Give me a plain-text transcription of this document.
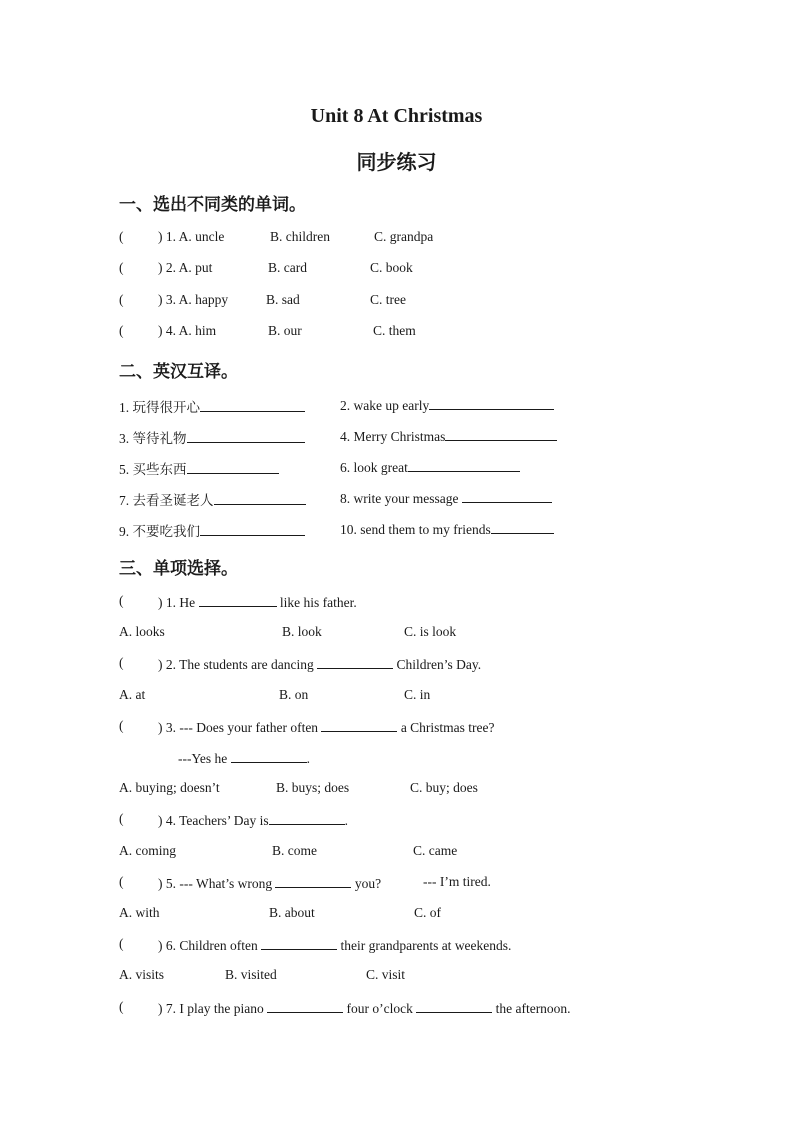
Unit 8 At Christmas
同步练习
一、选出不同类的单词。
(	) 1. A. uncle	B. children	C. grandpa
(	) 2. A. put	B. card	C. book
(	) 3. A. happy	B. sad	C. tree
(	) 4. A. him	B. our	C. them
二、英汉互译。
1. 玩得很开心	2. wake up early
3. 等待礼物	4. Merry Christmas
5. 买些东西	6. look great
7. 去看圣诞老人	8. write your message
9. 不要吃我们	10. send them to my friends
三、单项选择。
(	) 1. He	like his father.
A. looks	B. look	C. is look
(	) 2. The students are dancing	Children’s Day.
A. at	B. on	C. in
(	) 3. --- Does your father often	a Christmas tree?
---Yes he	.
A. buying; doesn’t	B. buys; does	C. buy; does
(	) 4. Teachers’ Day is	.
A. coming	B. come	C. came
(	) 5. --- What’s wrong	you?	--- I’m tired.
A. with	B. about	C. of
(	) 6. Children often	their grandparents at weekends.
A. visits	B. visited	C. visit
(	) 7. I play the piano	four o’clock	the afternoon.
